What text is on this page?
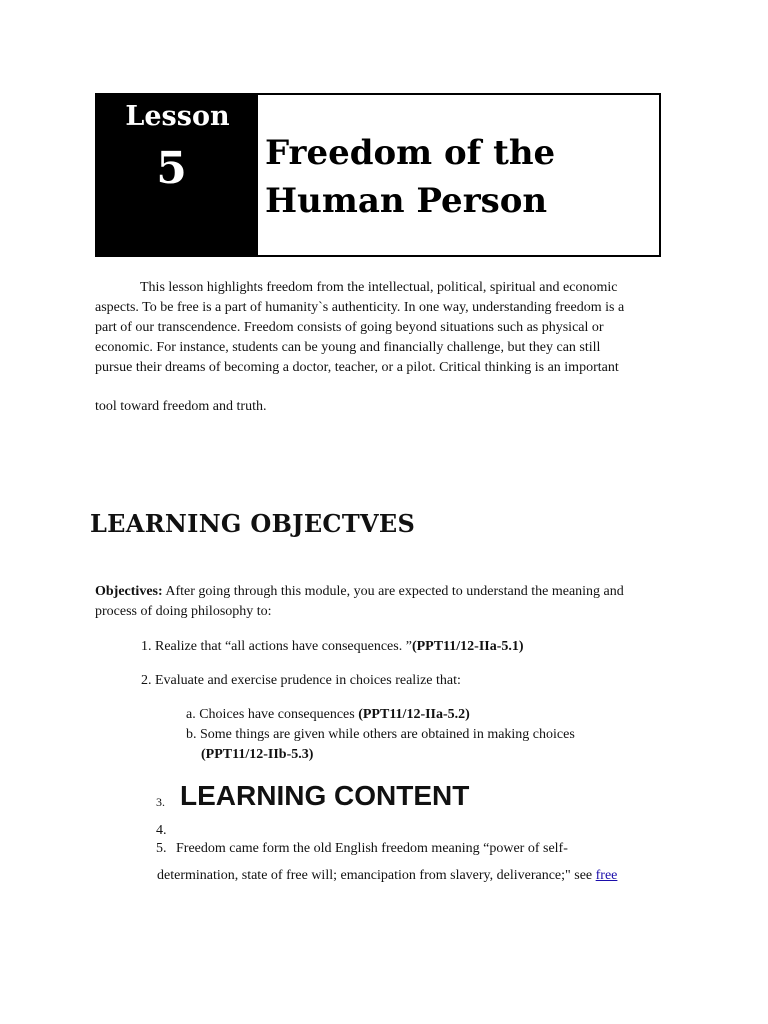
Lesson
5	Freedom of the
Human Person
This lesson highlights freedom from the intellectual, political, spiritual and economic
aspects. To be free is a part of humanity`s authenticity. In one way, understanding freedom is a
part of our transcendence. Freedom consists of going beyond situations such as physical or
economic. For instance, students can be young and financially challenge, but they can still
pursue their dreams of becoming a doctor, teacher, or a pilot. Critical thinking is an important
tool toward freedom and truth.
LEARNING OBJECTVES
Objectives: After going through this module, you are expected to understand the meaning and
process of doing philosophy to:
1. Realize that “all actions have consequences. ”(PPT11/12-IIa-5.1)
2. Evaluate and exercise prudence in choices realize that:
a. Choices have consequences (PPT11/12-IIa-5.2)
b. Some things are given while others are obtained in making choices
(PPT11/12-IIb-5.3)
3. LEARNING CONTENT
4.
5. Freedom came form the old English freedom meaning “power of self-
determination, state of free will; emancipation from slavery, deliverance;" see free
